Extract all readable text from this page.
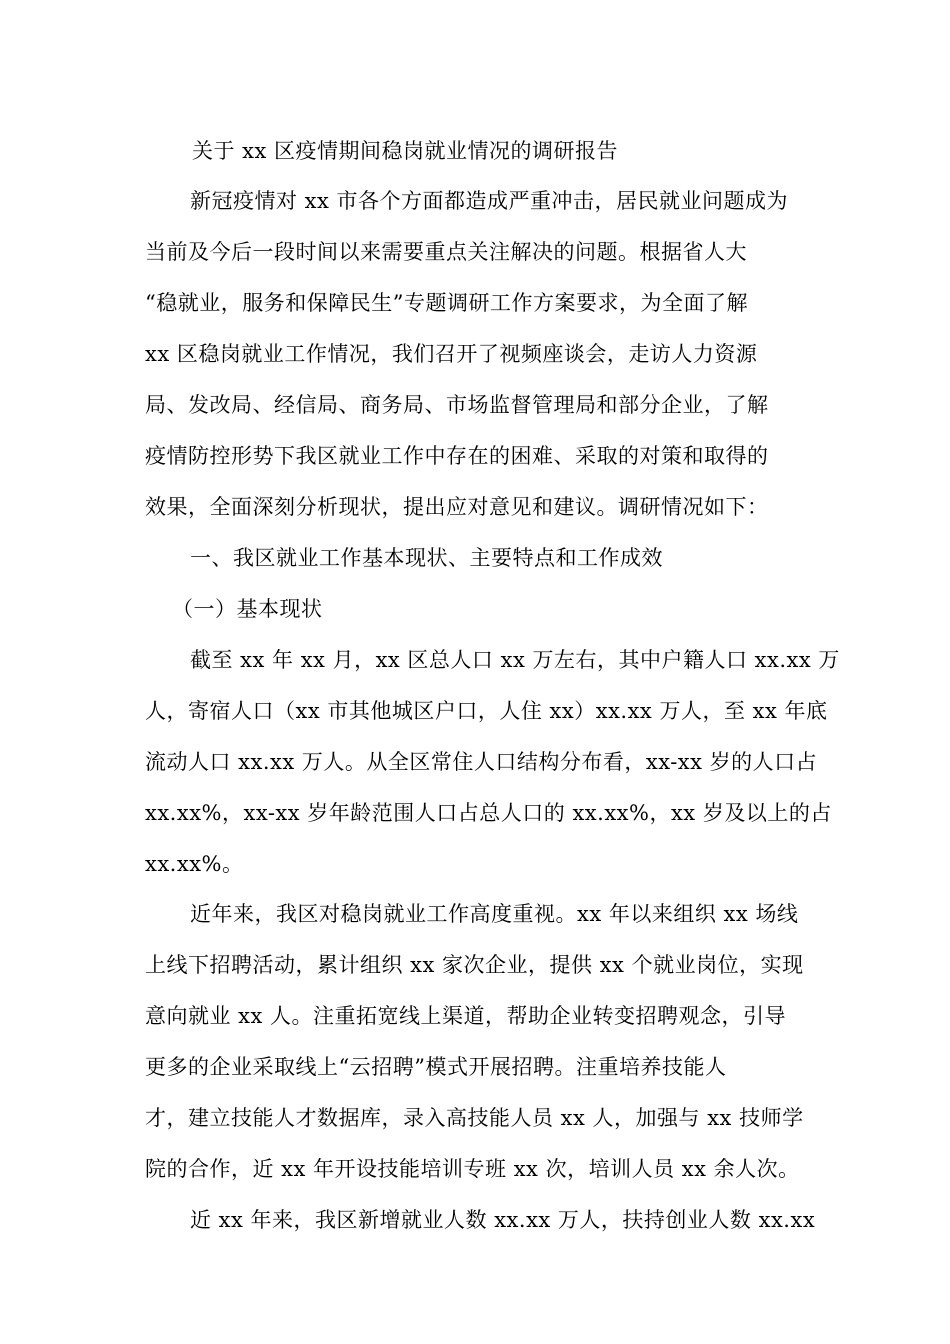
关于 xx 区疫情期间稳岗就业情况的调研报告
新冠疫情对 xx 市各个方面都造成严重冲击，居民就业问题成为
当前及今后一段时间以来需要重点关注解决的问题。根据省人大
“稳就业，服务和保障民生”专题调研工作方案要求，为全面了解
xx 区稳岗就业工作情况，我们召开了视频座谈会，走访人力资源
局、发改局、经信局、商务局、市场监督管理局和部分企业，了解
疫情防控形势下我区就业工作中存在的困难、采取的对策和取得的
效果，全面深刻分析现状，提出应对意见和建议。调研情况如下：
一、我区就业工作基本现状、主要特点和工作成效
（一）基本现状
截至 xx 年 xx 月，xx 区总人口 xx 万左右，其中户籍人口 xx.xx 万
人，寄宿人口（xx 市其他城区户口，人住 xx）xx.xx 万人，至 xx 年底
流动人口 xx.xx 万人。从全区常住人口结构分布看，xx-xx 岁的人口占
xx.xx%，xx-xx 岁年龄范围人口占总人口的 xx.xx%，xx 岁及以上的占
xx.xx%。
近年来，我区对稳岗就业工作高度重视。xx 年以来组织 xx 场线
上线下招聘活动，累计组织 xx 家次企业，提供 xx 个就业岗位，实现
意向就业 xx 人。注重拓宽线上渠道，帮助企业转变招聘观念，引导
更多的企业采取线上“云招聘”模式开展招聘。注重培养技能人
才，建立技能人才数据库，录入高技能人员 xx 人，加强与 xx 技师学
院的合作，近 xx 年开设技能培训专班 xx 次，培训人员 xx 余人次。
近 xx 年来，我区新增就业人数 xx.xx 万人，扶持创业人数 xx.xx
